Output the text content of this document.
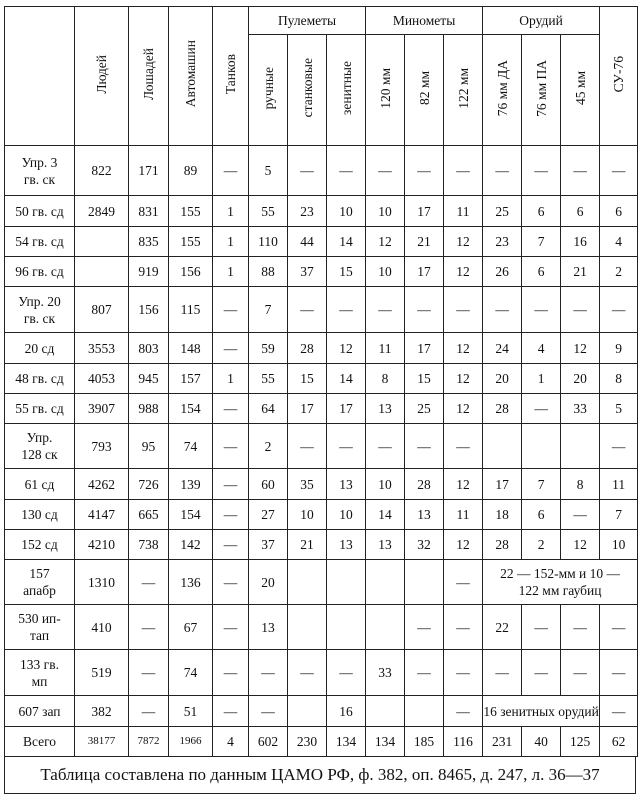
	Людей	Лошадей	Автомашин	Танков	Пулеметы			Минометы			Орудий			СУ-76
					ручные	станковые	зенитные	120 мм	82 мм	122 мм	76 мм ДА	76 мм ПА	45 мм	
Упр. 3
гв. ск	822	171	89	—	5	—	—	—	—	—	—	—	—	—
50 гв. сд	2849	831	155	1	55	23	10	10	17	11	25	6	6	6
54 гв. сд		835	155	1	110	44	14	12	21	12	23	7	16	4
96 гв. сд		919	156	1	88	37	15	10	17	12	26	6	21	2
Упр. 20
гв. ск	807	156	115	—	7	—	—	—	—	—	—	—	—	—
20 сд	3553	803	148	—	59	28	12	11	17	12	24	4	12	9
48 гв. сд	4053	945	157	1	55	15	14	8	15	12	20	1	20	8
55 гв. сд	3907	988	154	—	64	17	17	13	25	12	28	—	33	5
Упр.
128 ск	793	95	74	—	2	—	—	—	—	—				—
61 сд	4262	726	139	—	60	35	13	10	28	12	17	7	8	11
130 сд	4147	665	154	—	27	10	10	14	13	11	18	6	—	7
152 сд	4210	738	142	—	37	21	13	13	32	12	28	2	12	10
157
апабр	1310	—	136	—	20					—	22 — 152-мм и 10 —
122 мм гаубиц			
530 ип-
тап	410	—	67	—	13				—	—	22	—	—	—
133 гв.
мп	519	—	74	—	—	—	—	33	—	—	—	—	—	—
607 зап	382	—	51	—	—		16			—	16 зенитных орудий			—
Всего	38177	7872	1966	4	602	230	134	134	185	116	231	40	125	62
Таблица составлена по данным ЦАМО РФ, ф. 382, оп. 8465, д. 247, л. 36—37
